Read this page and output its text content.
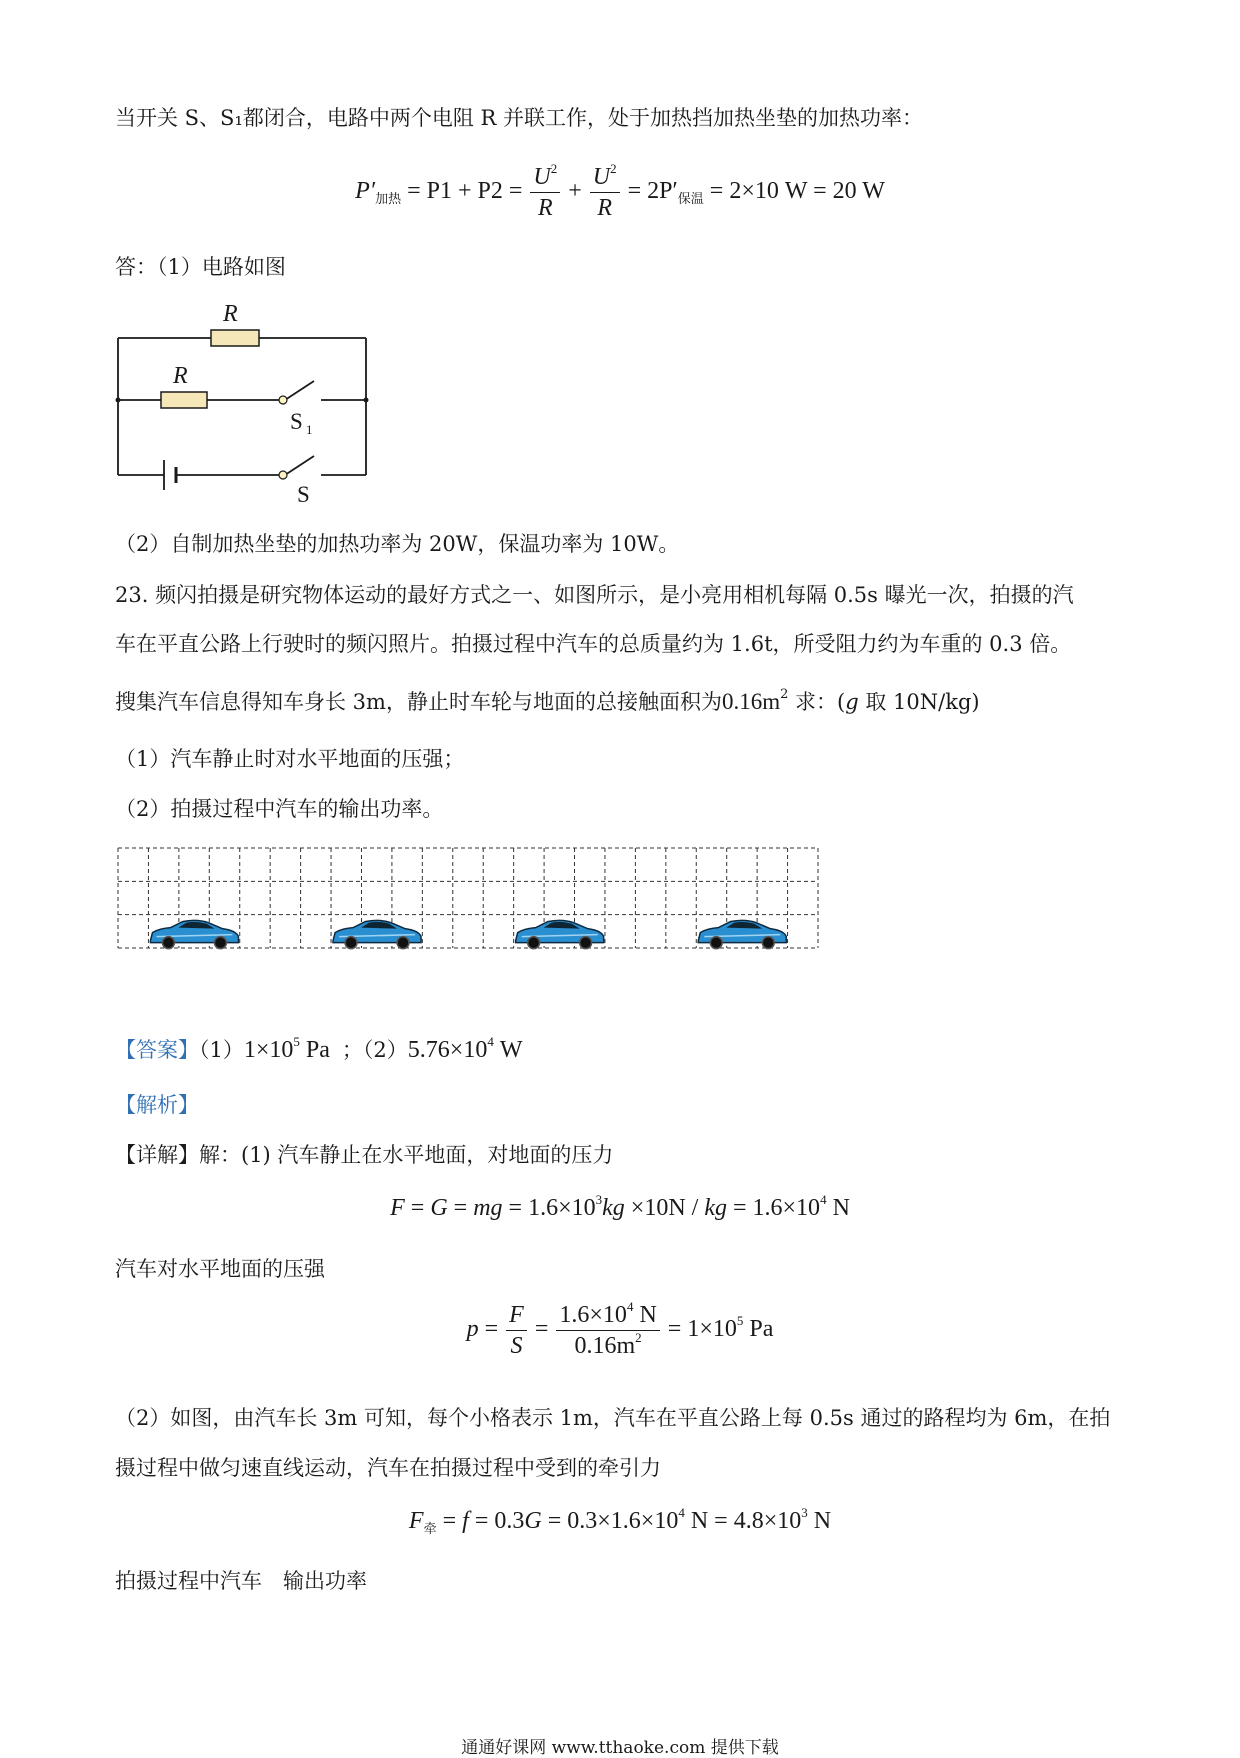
当开关 S、S₁都闭合，电路中两个电阻 R 并联工作，处于加热挡加热坐垫的加热功率：
$P'_{加热} = P1 + P2 = \frac{U^2}{R} + \frac{U^2}{R} = 2P'_{保温} = 2\times 10$ W = 20 W
答：（1）电路如图
R
R
S 1
S
（2）自制加热坐垫的加热功率为 20W，保温功率为 10W。
23. 频闪拍摄是研究物体运动的最好方式之一、如图所示，是小亮用相机每隔 0.5s 曝光一次，拍摄的汽
车在平直公路上行驶时的频闪照片。拍摄过程中汽车的总质量约为 1.6t，所受阻力约为车重的 0.3 倍。
搜集汽车信息得知车身长 3m，静止时车轮与地面的总接触面积为$0.16m^2$ 求：(g 取 10N/kg)
（1）汽车静止时对水平地面的压强；
（2）拍摄过程中汽车的输出功率。
【答案】$(1)1\times 10^5$ Pa ；$(2)5.76\times 10^4$ W
【解析】
【详解】解：(1) 汽车静止在水平地面，对地面的压力
F = G = mg = $1.6\times 10^3kg \times 10N$ / kg = $1.6\times 10^4$ N
汽车对水平地面的压强
$p = \frac{F}{S} = \frac{1.6\times 10^4 N}{0.16m^2} = 1\times 10^5$ Pa
（2）如图，由汽车长 3m 可知，每个小格表示 1m，汽车在平直公路上每 0.5s 通过的路程均为 6m，在拍
摄过程中做匀速直线运动，汽车在拍摄过程中受到的牵引力
$F_牵 = f = 0.3G = 0.3\times 1.6\times 10^4$ $N = 4.8\times 10^3$ N
拍摄过程中汽车　输出功率
通通好课网 www.tthaoke.com 提供下载
